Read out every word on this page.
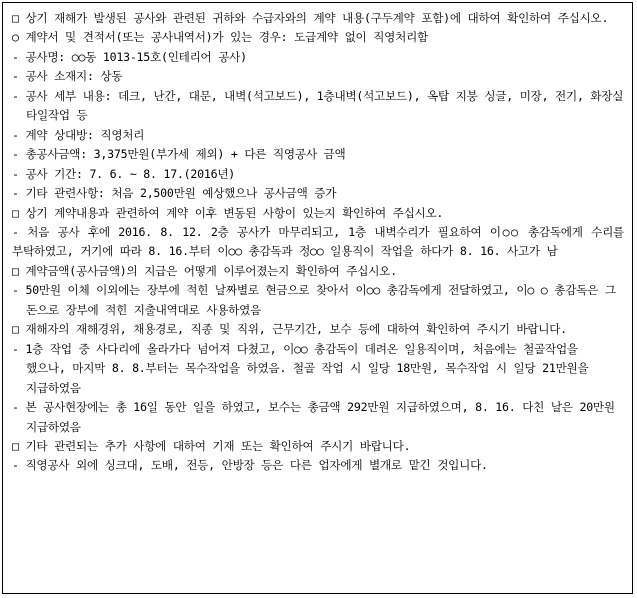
□ 상기 재해가 발생된 공사와 관련된 귀하와 수급자와의 계약 내용(구두계약 포함)에 대하여 확인하여 주십시오.

○ 계약서 및 견적서(또는 공사내역서)가 있는 경우: 도급계약 없이 직영처리함

- 공사명: ○○동 1013-15호(인테리어 공사)

- 공사 소재지: 상동

- 공사 세부 내용: 데크, 난간, 대문, 내벽(석고보드), 1층내벽(석고보드), 옥탑 지붕 싱글, 미장, 전기, 화장실 타일작업 등

- 계약 상대방: 직영처리

- 총공사금액: 3,375만원(부가세 제외) + 다른 직영공사 금액

- 공사 기간: 7. 6. ~ 8. 17.(2016년)

- 기타 관련사항: 처음 2,500만원 예상했으나 공사금액 증가

□ 상기 계약내용과 관련하여 계약 이후 변동된 사항이 있는지 확인하여 주십시오.

- 처음 공사 후에 2016. 8. 12. 2층 공사가 마무리되고, 1층 내벽수리가 필요하여 이○○ 총감독에게 수리를 부탁하였고, 거기에 따라 8. 16.부터 이○○ 총감독과 정○○ 일용직이 작업을 하다가 8. 16. 사고가 남

□ 계약금액(공사금액)의 지급은 어떻게 이루어졌는지 확인하여 주십시오.

- 50만원 이체 이외에는 장부에 적힌 날짜별로 현금으로 찾아서 이○○ 총감독에게 전달하였고, 이○ ○ 총감독은 그 돈으로 장부에 적힌 지출내역대로 사용하였음

□ 재해자의 재해경위, 채용경로, 직종 및 직위, 근무기간, 보수 등에 대하여 확인하여 주시기 바랍니다.

- 1층 작업 중 사다리에 올라가다 넘어져 다쳤고, 이○○ 총감독이 데려온 일용직이며, 처음에는 철골작업을 했으나, 마지막 8. 8.부터는 목수작업을 하였음. 철골 작업 시 일당 18만원, 목수작업 시 일당 21만원을 지급하였음

- 본 공사현장에는 총 16일 동안 일을 하였고, 보수는 총금액 292만원 지급하였으며, 8. 16. 다친 날은 20만원 지급하였음

□ 기타 관련되는 추가 사항에 대하여 기재 또는 확인하여 주시기 바랍니다.

- 직영공사 외에 싱크대, 도배, 전등, 안방장 등은 다른 업자에게 별개로 맡긴 것입니다.
